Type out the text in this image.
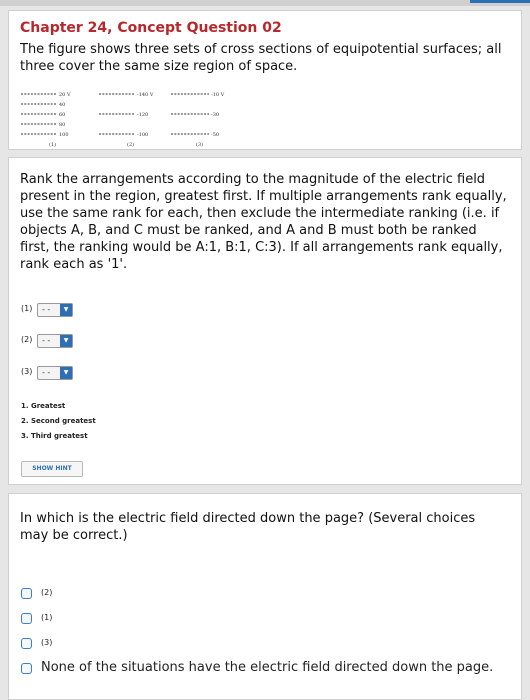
Chapter 24, Concept Question 02
The figure shows three sets of cross sections of equipotential surfaces; all three cover the same size region of space.
20 V
40
60
80
100
(1)
-140 V
-120
-100
(2)
-10 V
-30
-50
(3)
Rank the arrangements according to the magnitude of the electric field present in the region, greatest first. If multiple arrangements rank equally, use the same rank for each, then exclude the intermediate ranking (i.e. if objects A, B, and C must be ranked, and A and B must both be ranked first, the ranking would be A:1, B:1, C:3). If all arrangements rank equally, rank each as '1'.
(1) - -	▼
(2) - -	▼
(3) - -	▼
1. Greatest
2. Second greatest
3. Third greatest
SHOW HINT
In which is the electric field directed down the page? (Several choices may be correct.)
(2)
(1)
(3)
None of the situations have the electric field directed down the page.
